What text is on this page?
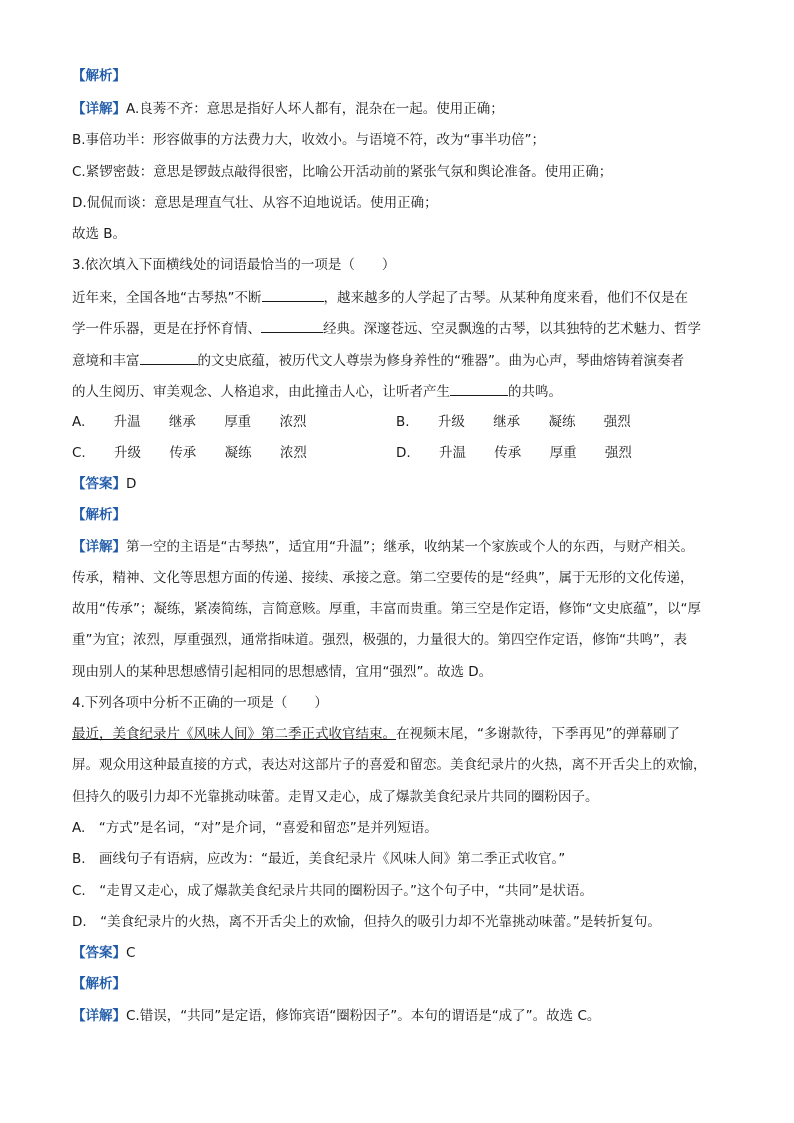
【解析】
【详解】A.良莠不齐：意思是指好人坏人都有，混杂在一起。使用正确；
B.事倍功半：形容做事的方法费力大，收效小。与语境不符，改为“事半功倍”；
C.紧锣密鼓：意思是锣鼓点敲得很密，比喻公开活动前的紧张气氛和舆论准备。使用正确；
D.侃侃而谈：意思是理直气壮、从容不迫地说话。使用正确；
故选 B。
3.依次填入下面横线处的词语最恰当的一项是（　　）
近年来，全国各地“古琴热”不断	，越来越多的人学起了古琴。从某种角度来看，他们不仅是在
学一件乐器，更是在抒怀育情、	经典。深邃苍远、空灵飘逸的古琴，以其独特的艺术魅力、哲学
意境和丰富	的文史底蕴，被历代文人尊崇为修身养性的“雅器”。曲为心声，琴曲熔铸着演奏者
的人生阅历、审美观念、人格追求，由此撞击人心，让听者产生	的共鸣。
A. 升温 继承 厚重 浓烈	B. 升级 继承 凝练 强烈
C. 升级 传承 凝练 浓烈	D. 升温 传承 厚重 强烈
【答案】D
【解析】
【详解】第一空的主语是“古琴热”，适宜用“升温”；继承，收纳某一个家族或个人的东西，与财产相关。
传承，精神、文化等思想方面的传递、接续、承接之意。第二空要传的是“经典”，属于无形的文化传递，
故用“传承”；凝练，紧凑简练，言简意赅。厚重，丰富而贵重。第三空是作定语，修饰“文史底蕴”，以“厚
重”为宜；浓烈，厚重强烈，通常指味道。强烈，极强的，力量很大的。第四空作定语，修饰“共鸣”，表
现由别人的某种思想感情引起相同的思想感情，宜用“强烈”。故选 D。
4.下列各项中分析不正确的一项是（　　）
最近，美食纪录片《风味人间》第二季正式收官结束。在视频末尾，“多谢款待，下季再见”的弹幕刷了
屏。观众用这种最直接的方式，表达对这部片子的喜爱和留恋。美食纪录片的火热，离不开舌尖上的欢愉，
但持久的吸引力却不光靠挑动味蕾。走胃又走心，成了爆款美食纪录片共同的圈粉因子。
A.　“方式”是名词，“对”是介词，“喜爱和留恋”是并列短语。
B.　画线句子有语病，应改为：“最近，美食纪录片《风味人间》第二季正式收官。”
C.　“走胃又走心，成了爆款美食纪录片共同的圈粉因子。”这个句子中，“共同”是状语。
D.　“美食纪录片的火热，离不开舌尖上的欢愉，但持久的吸引力却不光靠挑动味蕾。”是转折复句。
【答案】C
【解析】
【详解】C.错误，“共同”是定语，修饰宾语“圈粉因子”。本句的谓语是“成了”。故选 C。
